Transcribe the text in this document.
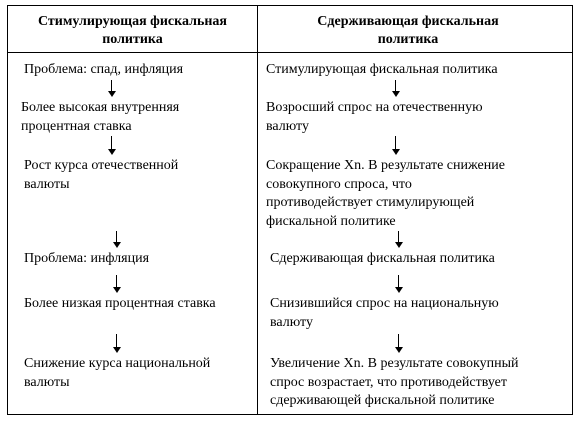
Стимулирующая фискальная
политика
Сдерживающая фискальная
политика
Проблема: спад, инфляция
Более высокая внутренняя
процентная ставка
Рост курса отечественной
валюты
Проблема: инфляция
Более низкая процентная ставка
Снижение курса национальной
валюты
Стимулирующая фискальная политика
Возросший спрос на отечественную
валюту
Сокращение Xn. В результате снижение
совокупного спроса, что
противодействует стимулирующей
фискальной политике
Сдерживающая фискальная политика
Снизившийся спрос на национальную
валюту
Увеличение Xn. В результате совокупный
спрос возрастает, что противодействует
сдерживающей фискальной политике
